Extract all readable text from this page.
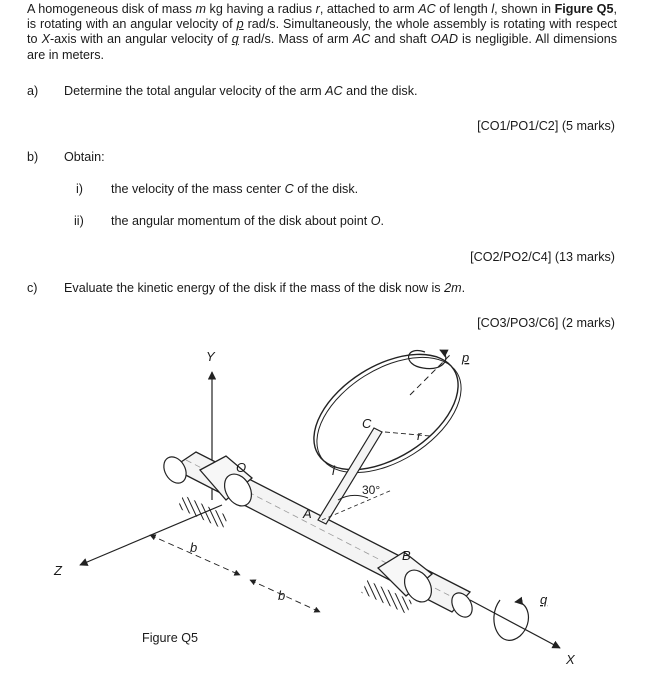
A homogeneous disk of mass m kg having a radius r, attached to arm AC of length l, shown in Figure Q5, is rotating with an angular velocity of p rad/s. Simultaneously, the whole assembly is rotating with respect to X-axis with an angular velocity of q rad/s. Mass of arm AC and shaft OAD is negligible. All dimensions are in meters.
a) Determine the total angular velocity of the arm AC and the disk.
[CO1/PO1/C2] (5 marks)
b) Obtain:
i) the velocity of the mass center C of the disk.
ii) the angular momentum of the disk about point O.
[CO2/PO2/C4] (13 marks)
c) Evaluate the kinetic energy of the disk if the mass of the disk now is 2m.
[CO3/PO3/C6] (2 marks)
Y
Z
X
O
A
B
C
l
r
p
q
b
b
30°
Figure Q5
